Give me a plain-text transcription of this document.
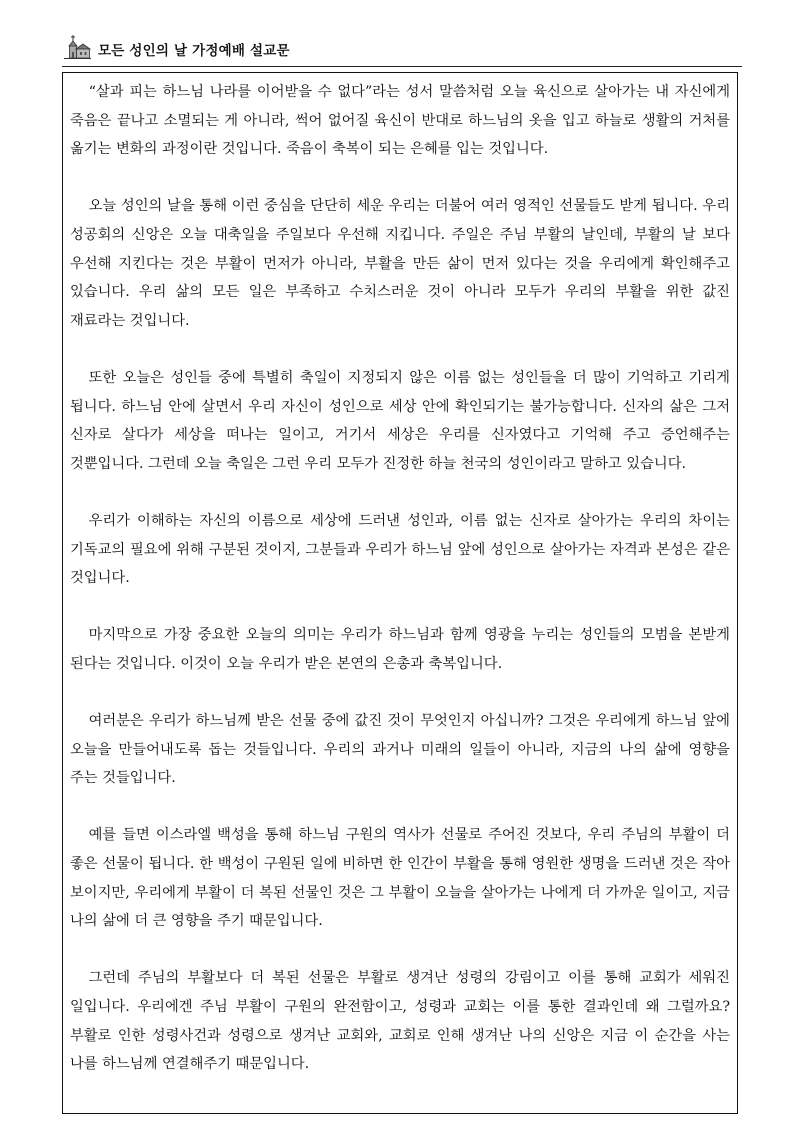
모든 성인의 날 가정예배 설교문

“살과 피는 하느님 나라를 이어받을 수 없다”라는 성서 말씀처럼 오늘 육신으로 살아가는 내 자신에게 죽음은 끝나고 소멸되는 게 아니라, 썩어 없어질 육신이 반대로 하느님의 옷을 입고 하늘로 생활의 거처를 옮기는 변화의 과정이란 것입니다. 죽음이 축복이 되는 은혜를 입는 것입니다.

오늘 성인의 날을 통해 이런 중심을 단단히 세운 우리는 더불어 여러 영적인 선물들도 받게 됩니다. 우리 성공회의 신앙은 오늘 대축일을 주일보다 우선해 지킵니다. 주일은 주님 부활의 날인데, 부활의 날 보다 우선해 지킨다는 것은 부활이 먼저가 아니라, 부활을 만든 삶이 먼저 있다는 것을 우리에게 확인해주고 있습니다. 우리 삶의 모든 일은 부족하고 수치스러운 것이 아니라 모두가 우리의 부활을 위한 값진 재료라는 것입니다.

또한 오늘은 성인들 중에 특별히 축일이 지정되지 않은 이름 없는 성인들을 더 많이 기억하고 기리게 됩니다. 하느님 안에 살면서 우리 자신이 성인으로 세상 안에 확인되기는 불가능합니다. 신자의 삶은 그저 신자로 살다가 세상을 떠나는 일이고, 거기서 세상은 우리를 신자였다고 기억해 주고 증언해주는 것뿐입니다. 그런데 오늘 축일은 그런 우리 모두가 진정한 하늘 천국의 성인이라고 말하고 있습니다.

우리가 이해하는 자신의 이름으로 세상에 드러낸 성인과, 이름 없는 신자로 살아가는 우리의 차이는 기독교의 필요에 위해 구분된 것이지, 그분들과 우리가 하느님 앞에 성인으로 살아가는 자격과 본성은 같은 것입니다.

마지막으로 가장 중요한 오늘의 의미는 우리가 하느님과 함께 영광을 누리는 성인들의 모범을 본받게 된다는 것입니다. 이것이 오늘 우리가 받은 본연의 은총과 축복입니다.

여러분은 우리가 하느님께 받은 선물 중에 값진 것이 무엇인지 아십니까? 그것은 우리에게 하느님 앞에 오늘을 만들어내도록 돕는 것들입니다. 우리의 과거나 미래의 일들이 아니라, 지금의 나의 삶에 영향을 주는 것들입니다.

예를 들면 이스라엘 백성을 통해 하느님 구원의 역사가 선물로 주어진 것보다, 우리 주님의 부활이 더 좋은 선물이 됩니다. 한 백성이 구원된 일에 비하면 한 인간이 부활을 통해 영원한 생명을 드러낸 것은 작아 보이지만, 우리에게 부활이 더 복된 선물인 것은 그 부활이 오늘을 살아가는 나에게 더 가까운 일이고, 지금 나의 삶에 더 큰 영향을 주기 때문입니다.

그런데 주님의 부활보다 더 복된 선물은 부활로 생겨난 성령의 강림이고 이를 통해 교회가 세워진 일입니다. 우리에겐 주님 부활이 구원의 완전함이고, 성령과 교회는 이를 통한 결과인데 왜 그럴까요? 부활로 인한 성령사건과 성령으로 생겨난 교회와, 교회로 인해 생겨난 나의 신앙은 지금 이 순간을 사는 나를 하느님께 연결해주기 때문입니다.
